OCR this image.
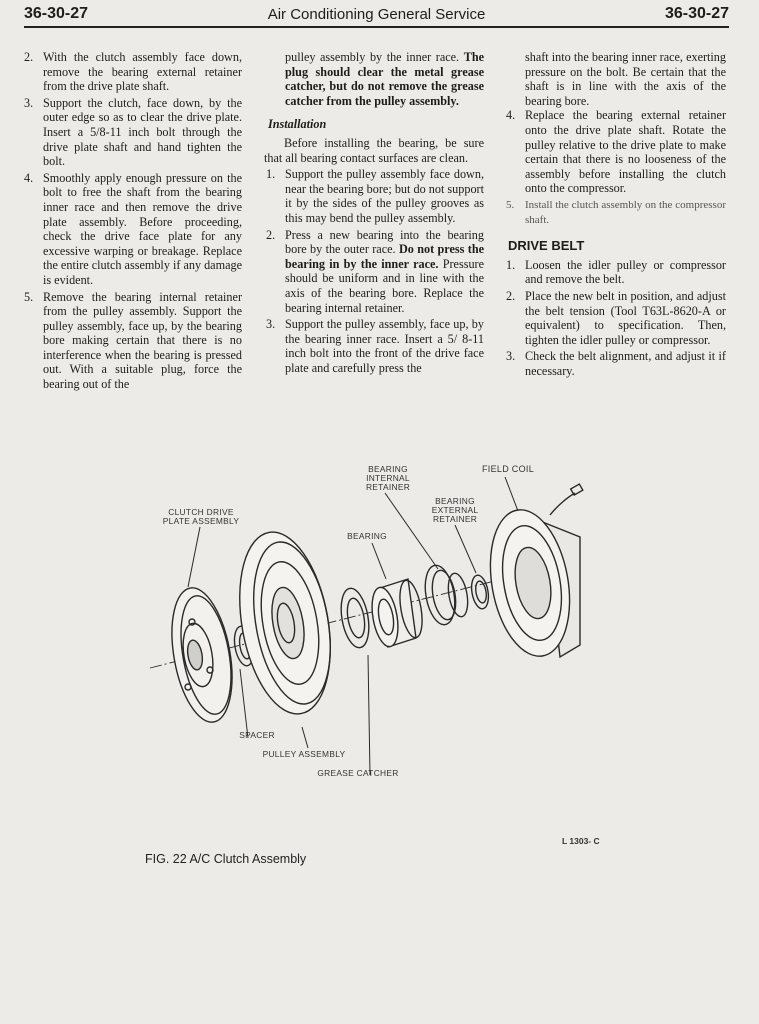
36-30-27	Air Conditioning General Service	36-30-27
2. With the clutch assembly face down, remove the bearing external retainer from the drive plate shaft.
3. Support the clutch, face down, by the outer edge so as to clear the drive plate. Insert a 5/8-11 inch bolt through the drive plate shaft and hand tighten the bolt.
4. Smoothly apply enough pressure on the bolt to free the shaft from the bearing inner race and then remove the drive plate assembly. Before proceeding, check the drive face plate for any excessive warping or breakage. Replace the entire clutch assembly if any damage is evident.
5. Remove the bearing internal retainer from the pulley assembly. Support the pulley assembly, face up, by the bearing bore making certain that there is no interference when the bearing is pressed out. With a suitable plug, force the bearing out of the

pulley assembly by the inner race. The plug should clear the metal grease catcher, but do not remove the grease catcher from the pulley assembly.

Installation

Before installing the bearing, be sure that all bearing contact surfaces are clean.

1. Support the pulley assembly face down, near the bearing bore; but do not support it by the sides of the pulley grooves as this may bend the pulley assembly.
2. Press a new bearing into the bearing bore by the outer race. Do not press the bearing in by the inner race. Pressure should be uniform and in line with the axis of the bearing bore. Replace the bearing internal retainer.
3. Support the pulley assembly, face up, by the bearing inner race. Insert a 5/ 8-11 inch bolt into the front of the drive face plate and carefully press the

shaft into the bearing inner race, exerting pressure on the bolt. Be certain that the shaft is in line with the axis of the bearing bore.

4. Replace the bearing external retainer onto the drive plate shaft. Rotate the pulley relative to the drive plate to make certain that there is no looseness of the assembly before installing the clutch onto the compressor.
5. Install the clutch assembly on the compressor shaft.
DRIVE BELT
1. Loosen the idler pulley or compressor and remove the belt.
2. Place the new belt in position, and adjust the belt tension (Tool T63L-8620-A or equivalent) to specification. Then, tighten the idler pulley or compressor.
3. Check the belt alignment, and adjust it if necessary.
BEARING INTERNAL RETAINER
FIELD COIL
BEARING EXTERNAL RETAINER
CLUTCH DRIVE PLATE ASSEMBLY
BEARING
SPACER
PULLEY ASSEMBLY
GREASE CATCHER
L 1303- C
FIG. 22 A/C Clutch Assembly
